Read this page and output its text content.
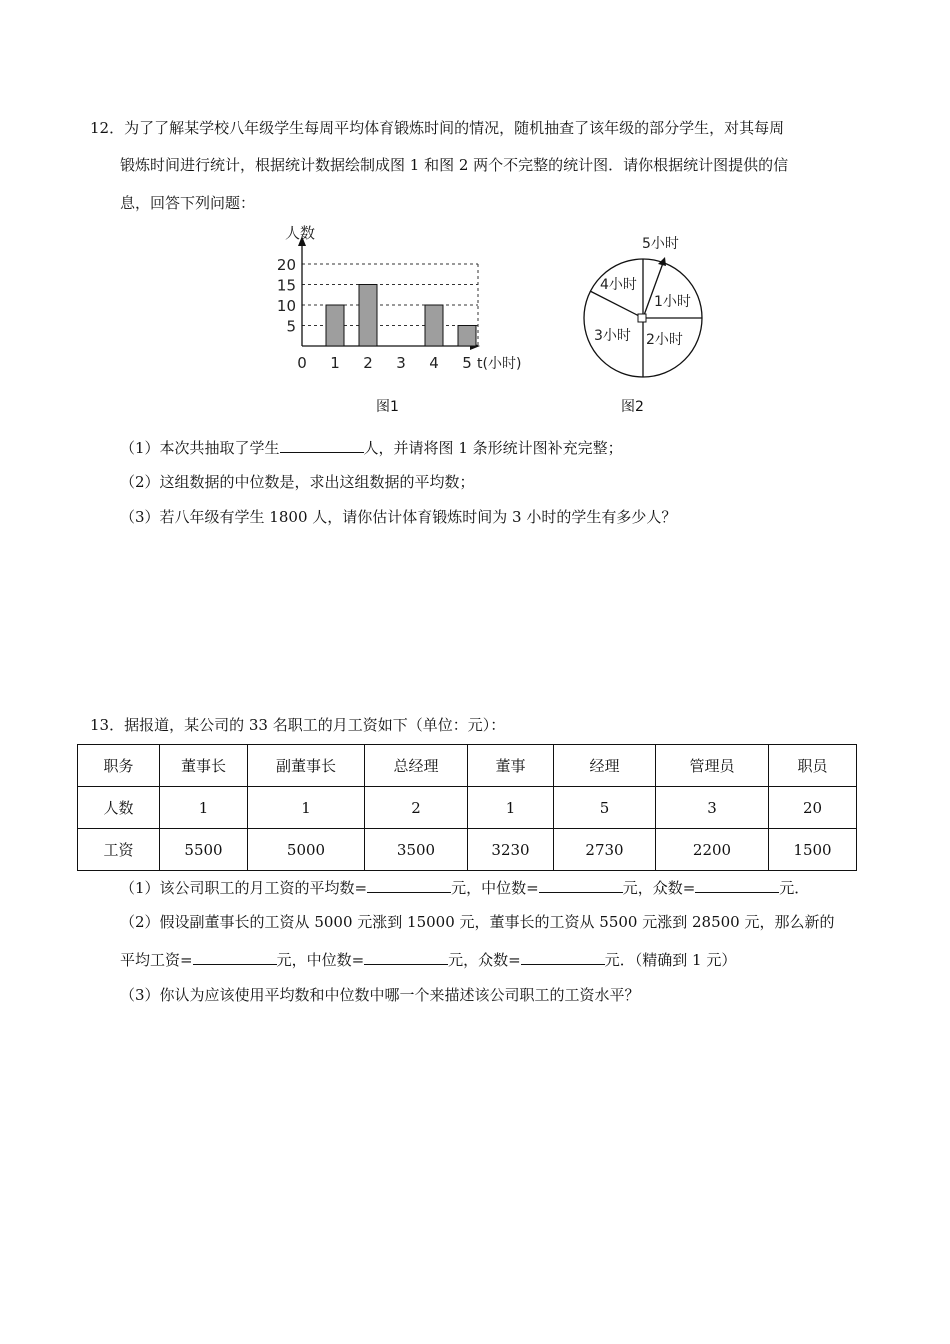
12．为了了解某学校八年级学生每周平均体育锻炼时间的情况，随机抽查了该年级的部分学生，对其每周
锻炼时间进行统计，根据统计数据绘制成图 1 和图 2 两个不完整的统计图．请你根据统计图提供的信
息，回答下列问题：
5
10
15
20
1 2 3 4 5
人数
t(小时)
0
图1
5小时
1小时
2小时
3小时
4小时
图2
（1）本次共抽取了学生	人，并请将图 1 条形统计图补充完整；
（2）这组数据的中位数是，求出这组数据的平均数；
（3）若八年级有学生 1800 人，请你估计体育锻炼时间为 3 小时的学生有多少人？
13．据报道，某公司的 33 名职工的月工资如下（单位：元）：
职务	董事长	副董事长	总经理	董事	经理	管理员	职员
人数	1	1	2	1	5	3	20
工资	5500	5000	3500	3230	2730	2200	1500
（1）该公司职工的月工资的平均数=	元，中位数=	元，众数=	元．
（2）假设副董事长的工资从 5000 元涨到 15000 元，董事长的工资从 5500 元涨到 28500 元，那么新的
平均工资=	元，中位数=	元，众数=	元．（精确到 1 元）
（3）你认为应该使用平均数和中位数中哪一个来描述该公司职工的工资水平？
